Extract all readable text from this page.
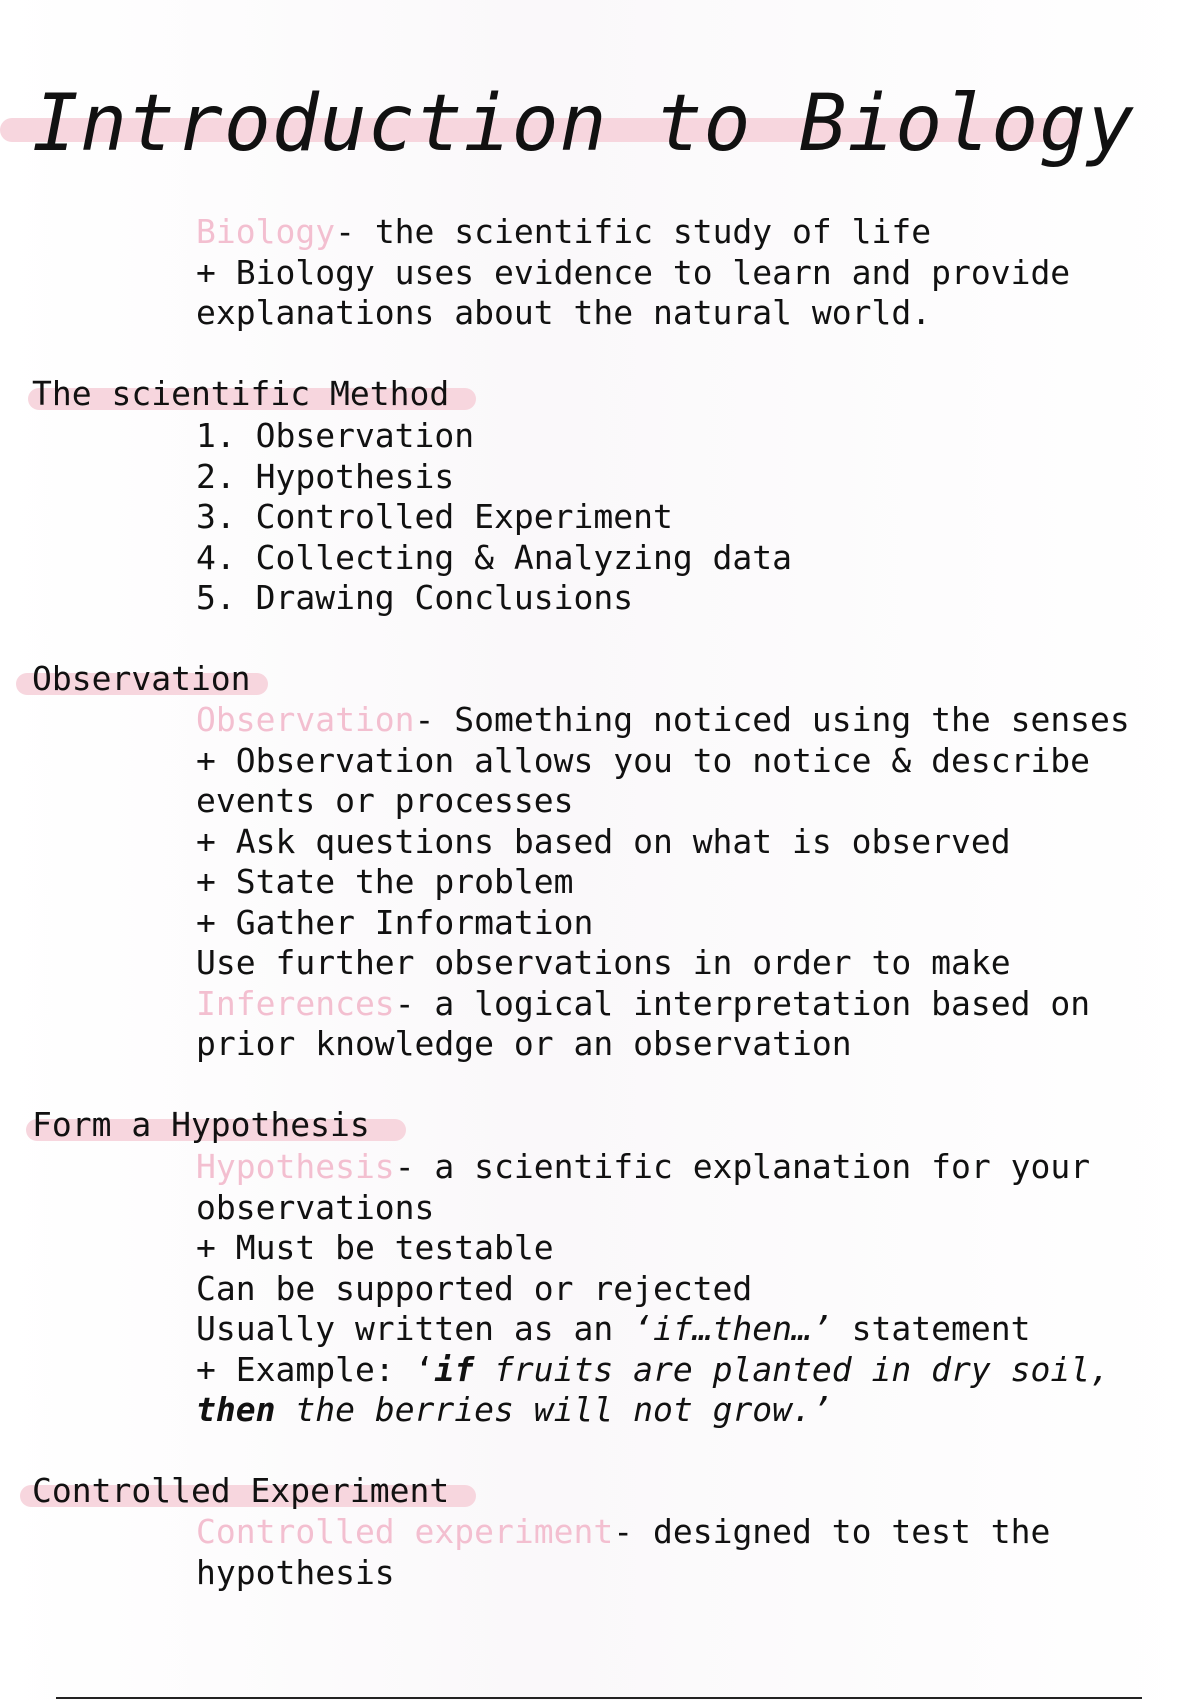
Introduction to Biology
Biology- the scientific study of life
+ Biology uses evidence to learn and provide
explanations about the natural world.
The scientific Method
1. Observation
2. Hypothesis
3. Controlled Experiment
4. Collecting & Analyzing data
5. Drawing Conclusions
Observation
Observation- Something noticed using the senses
+ Observation allows you to notice & describe
events or processes
+ Ask questions based on what is observed
+ State the problem
+ Gather Information
Use further observations in order to make
Inferences- a logical interpretation based on
prior knowledge or an observation
Form a Hypothesis
Hypothesis- a scientific explanation for your
observations
+ Must be testable
Can be supported or rejected
Usually written as an ‘if…then…’ statement
+ Example: ‘if fruits are planted in dry soil,
then the berries will not grow.’
Controlled Experiment
Controlled experiment- designed to test the
hypothesis
